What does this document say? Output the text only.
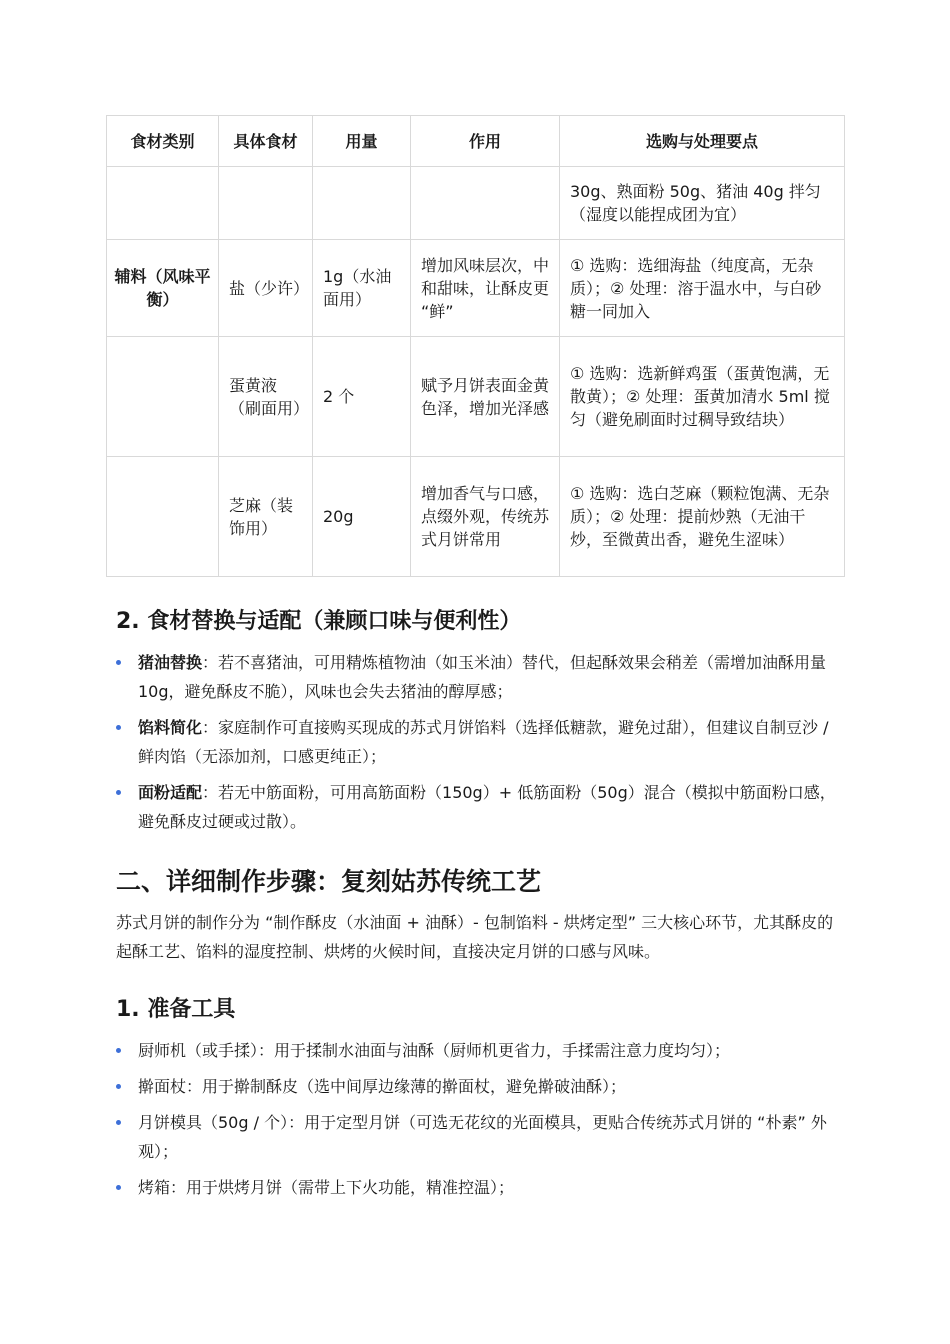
食材类别	具体食材	用量	作用	选购与处理要点
				30g、熟面粉 50g、猪油 40g 拌匀（湿度以能捏成团为宜）
辅料（风味平衡）	盐（少许）	1g（水油面用）	增加风味层次，中和甜味，让酥皮更 “鲜”	① 选购：选细海盐（纯度高，无杂质）；② 处理：溶于温水中，与白砂糖一同加入
	蛋黄液（刷面用）	2 个	赋予月饼表面金黄色泽，增加光泽感	① 选购：选新鲜鸡蛋（蛋黄饱满，无散黄）；② 处理：蛋黄加清水 5ml 搅匀（避免刷面时过稠导致结块）
	芝麻（装饰用）	20g	增加香气与口感，点缀外观，传统苏式月饼常用	① 选购：选白芝麻（颗粒饱满、无杂质）；② 处理：提前炒熟（无油干炒，至微黄出香，避免生涩味）
2. 食材替换与适配（兼顾口味与便利性）
猪油替换：若不喜猪油，可用精炼植物油（如玉米油）替代，但起酥效果会稍差（需增加油酥用量 10g，避免酥皮不脆），风味也会失去猪油的醇厚感；
馅料简化：家庭制作可直接购买现成的苏式月饼馅料（选择低糖款，避免过甜），但建议自制豆沙 / 鲜肉馅（无添加剂，口感更纯正）；
面粉适配：若无中筋面粉，可用高筋面粉（150g）+ 低筋面粉（50g）混合（模拟中筋面粉口感，避免酥皮过硬或过散）。
二、详细制作步骤：复刻姑苏传统工艺

苏式月饼的制作分为 “制作酥皮（水油面 + 油酥）- 包制馅料 - 烘烤定型” 三大核心环节，尤其酥皮的起酥工艺、馅料的湿度控制、烘烤的火候时间，直接决定月饼的口感与风味。

1. 准备工具
厨师机（或手揉）：用于揉制水油面与油酥（厨师机更省力，手揉需注意力度均匀）；
擀面杖：用于擀制酥皮（选中间厚边缘薄的擀面杖，避免擀破油酥）；
月饼模具（50g / 个）：用于定型月饼（可选无花纹的光面模具，更贴合传统苏式月饼的 “朴素” 外观）；
烤箱：用于烘烤月饼（需带上下火功能，精准控温）；
